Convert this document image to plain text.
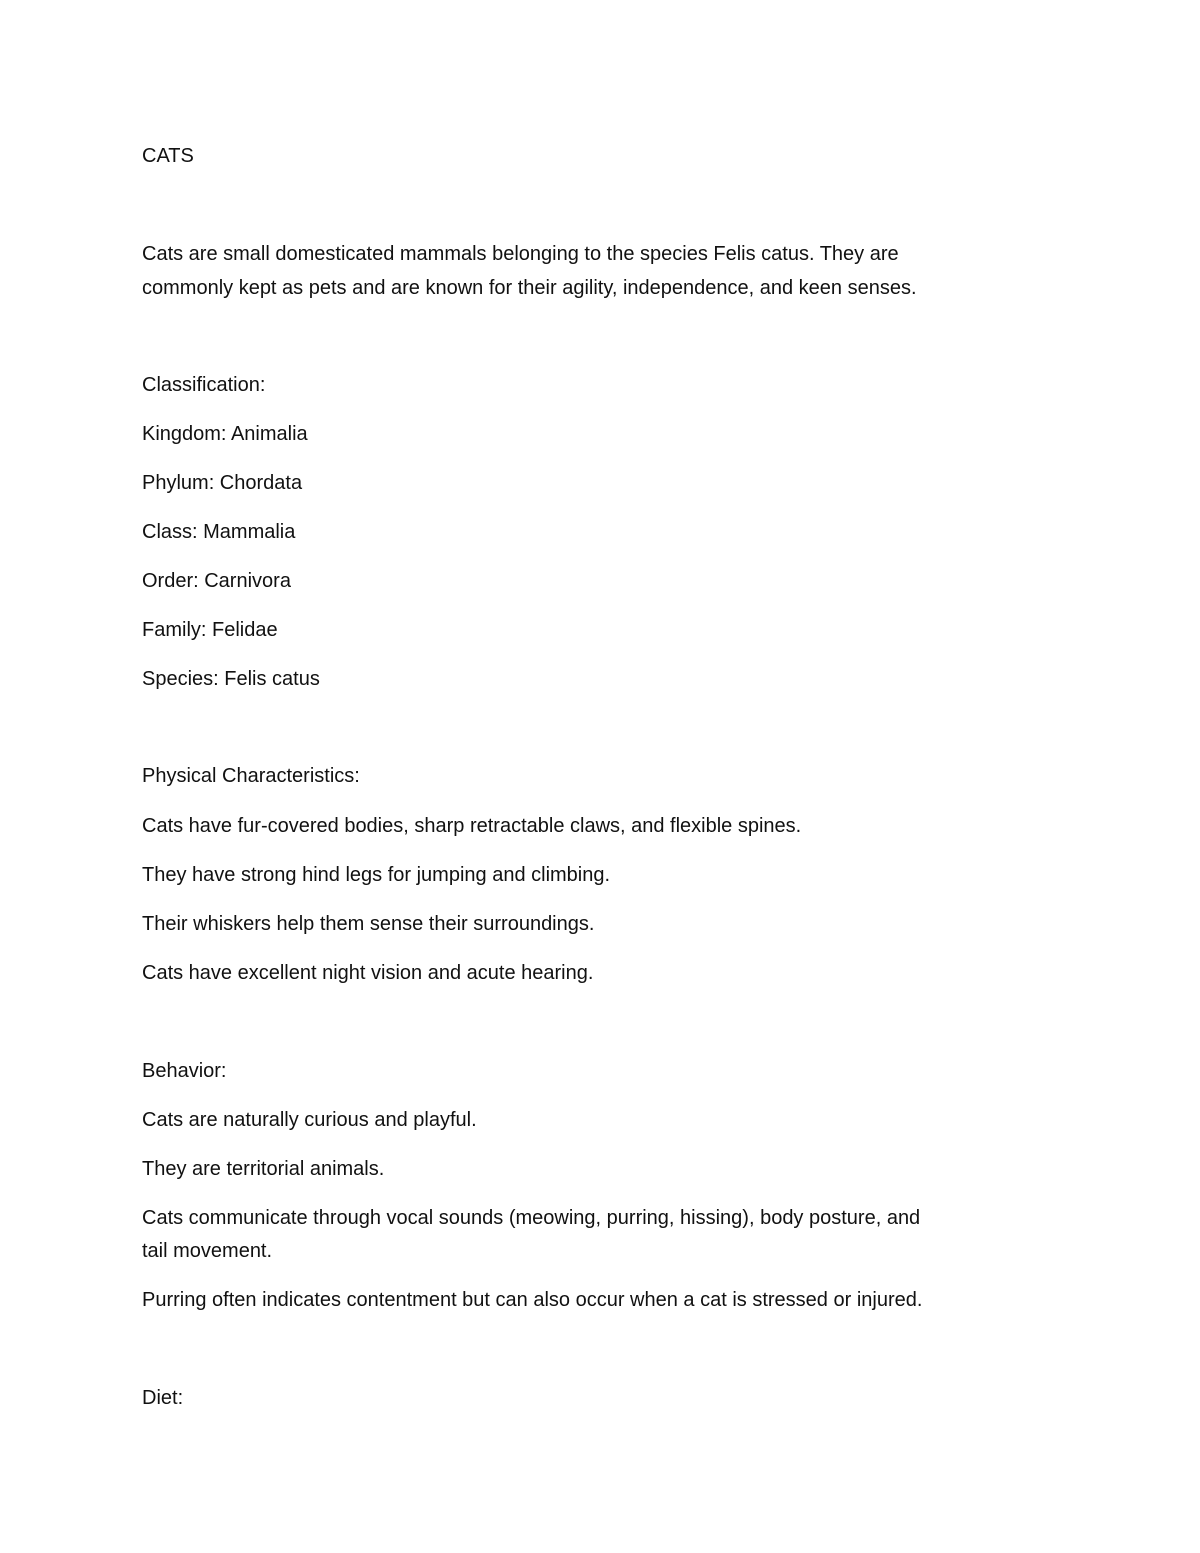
CATS

Cats are small domesticated mammals belonging to the species Felis catus. They are

commonly kept as pets and are known for their agility, independence, and keen senses.

Classification:

Kingdom: Animalia

Phylum: Chordata

Class: Mammalia

Order: Carnivora

Family: Felidae

Species: Felis catus

Physical Characteristics:

Cats have fur-covered bodies, sharp retractable claws, and flexible spines.

They have strong hind legs for jumping and climbing.

Their whiskers help them sense their surroundings.

Cats have excellent night vision and acute hearing.

Behavior:

Cats are naturally curious and playful.

They are territorial animals.

Cats communicate through vocal sounds (meowing, purring, hissing), body posture, and

tail movement.

Purring often indicates contentment but can also occur when a cat is stressed or injured.

Diet:
